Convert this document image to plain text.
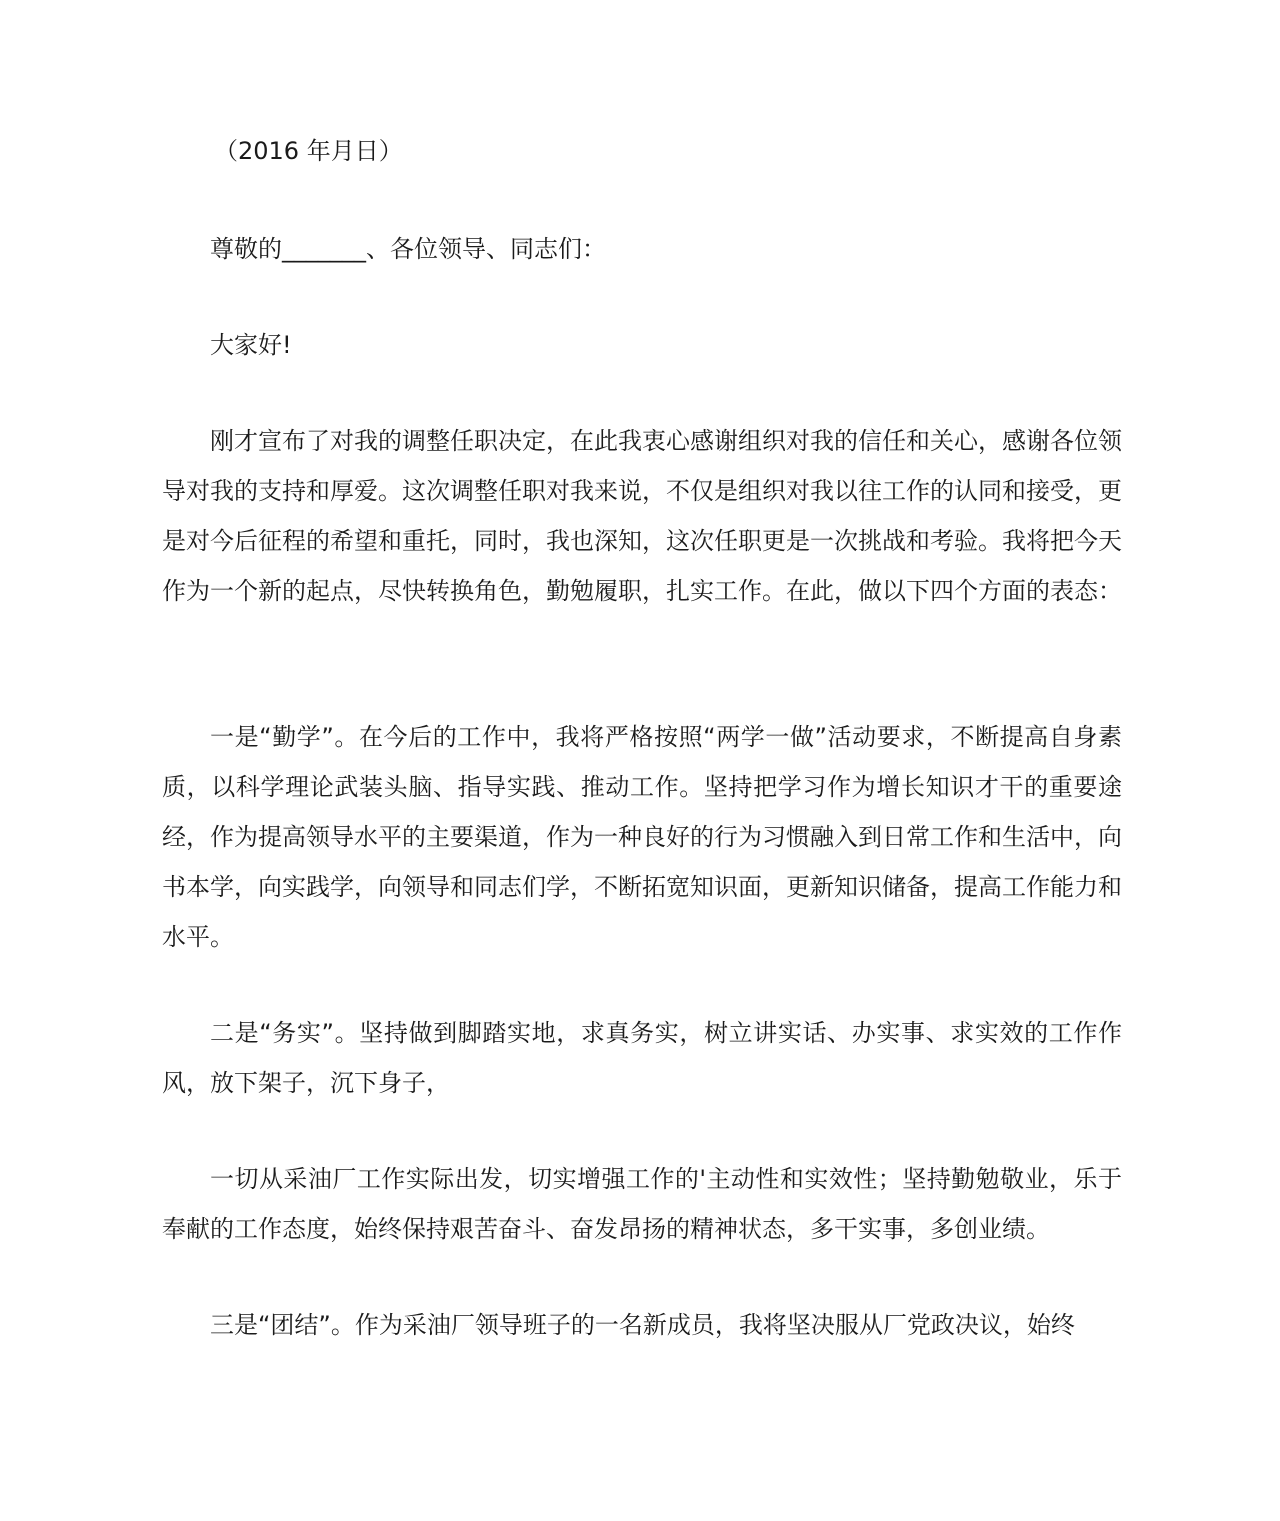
（2016 年月日）

尊敬的_______、各位领导、同志们：

大家好!

刚才宣布了对我的调整任职决定，在此我衷心感谢组织对我的信任和关心，感谢各位领导对我的支持和厚爱。这次调整任职对我来说，不仅是组织对我以往工作的认同和接受，更是对今后征程的希望和重托，同时，我也深知，这次任职更是一次挑战和考验。我将把今天作为一个新的起点，尽快转换角色，勤勉履职，扎实工作。在此，做以下四个方面的表态：

一是“勤学”。在今后的工作中，我将严格按照“两学一做”活动要求，不断提高自身素质，以科学理论武装头脑、指导实践、推动工作。坚持把学习作为增长知识才干的重要途经，作为提高领导水平的主要渠道，作为一种良好的行为习惯融入到日常工作和生活中，向书本学，向实践学，向领导和同志们学，不断拓宽知识面，更新知识储备，提高工作能力和水平。

二是“务实”。坚持做到脚踏实地，求真务实，树立讲实话、办实事、求实效的工作作风，放下架子，沉下身子，

一切从采油厂工作实际出发，切实增强工作的'主动性和实效性；坚持勤勉敬业，乐于奉献的工作态度，始终保持艰苦奋斗、奋发昂扬的精神状态，多干实事，多创业绩。

三是“团结”。作为采油厂领导班子的一名新成员，我将坚决服从厂党政决议，始终
